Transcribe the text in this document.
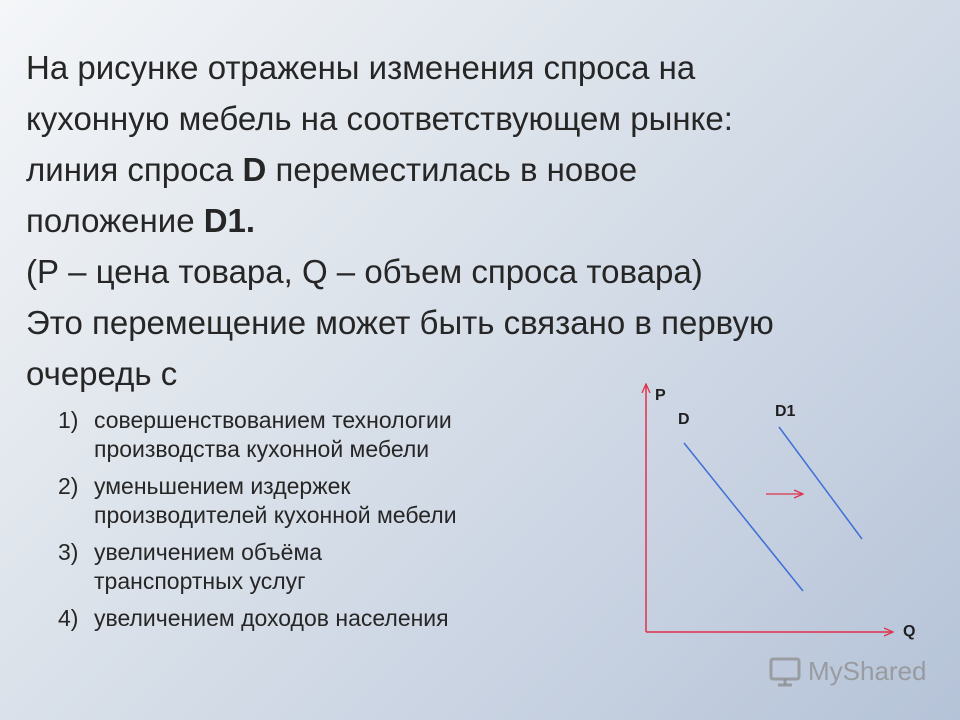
На рисунке отражены изменения спроса на
кухонную мебель на соответствующем рынке:
линия спроса D переместилась в новое
положение D1.
(Р – цена товара, Q – объем спроса товара)
Это перемещение может быть связано в первую
очередь с
1) совершенствованием технологии
производства кухонной мебели
2) уменьшением издержек
производителей кухонной мебели
3) увеличением объёма
транспортных услуг
4) увеличением доходов населения
P
D	D1
Q
MyShared
